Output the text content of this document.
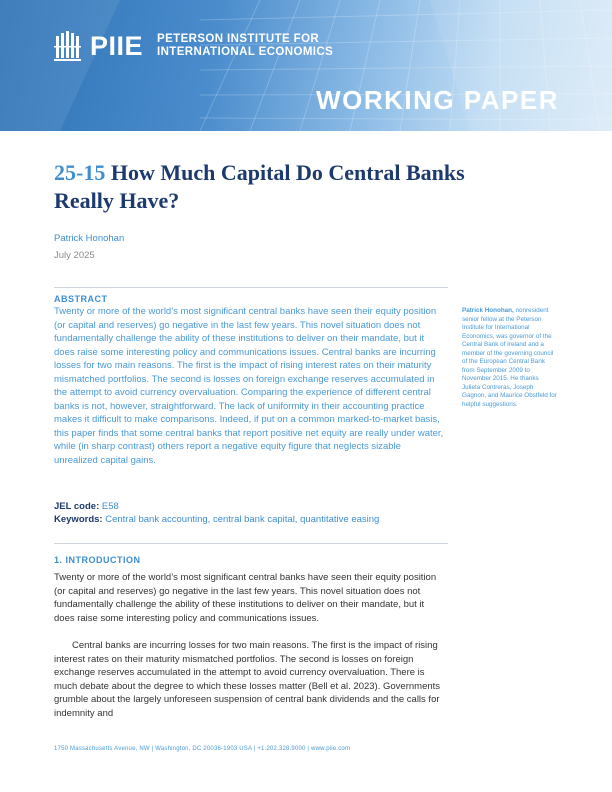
PIIE PETERSON INSTITUTE FOR
INTERNATIONAL ECONOMICS
WORKING PAPER
25-15 How Much Capital Do Central Banks Really Have?
Patrick Honohan
July 2025
ABSTRACT

Twenty or more of the world’s most significant central banks have seen their equity position (or capital and reserves) go negative in the last few years. This novel situation does not fundamentally challenge the ability of these institutions to deliver on their mandate, but it does raise some interesting policy and communications issues. Central banks are incurring losses for two main reasons. The first is the impact of rising interest rates on their maturity mismatched portfolios. The second is losses on foreign exchange reserves accumulated in the attempt to avoid currency overvaluation. Comparing the experience of different central banks is not, however, straightforward. The lack of uniformity in their accounting practice makes it difficult to make comparisons. Indeed, if put on a common marked-to-market basis, this paper finds that some central banks that report positive net equity are really under water, while (in sharp contrast) others report a negative equity figure that neglects sizable unrealized capital gains.

Patrick Honohan, nonresident senior fellow at the Peterson Institute for International Economics, was governor of the Central Bank of Ireland and a member of the governing council of the European Central Bank from September 2009 to November 2015. He thanks Julieta Contreras, Joseph Gagnon, and Maurice Obstfeld for helpful suggestions.
JEL code: E58
Keywords: Central bank accounting, central bank capital, quantitative easing
1. INTRODUCTION

Twenty or more of the world’s most significant central banks have seen their equity position (or capital and reserves) go negative in the last few years. This novel situation does not fundamentally challenge the ability of these institutions to deliver on their mandate, but it does raise some interesting policy and communications issues.

Central banks are incurring losses for two main reasons. The first is the impact of rising interest rates on their maturity mismatched portfolios. The second is losses on foreign exchange reserves accumulated in the attempt to avoid currency overvaluation. There is much debate about the degree to which these losses matter (Bell et al. 2023). Governments grumble about the largely unforeseen suspension of central bank dividends and the calls for indemnity and

1750 Massachusetts Avenue, NW | Washington, DC 20036-1903 USA | +1.202.328.9000 | www.piie.com
